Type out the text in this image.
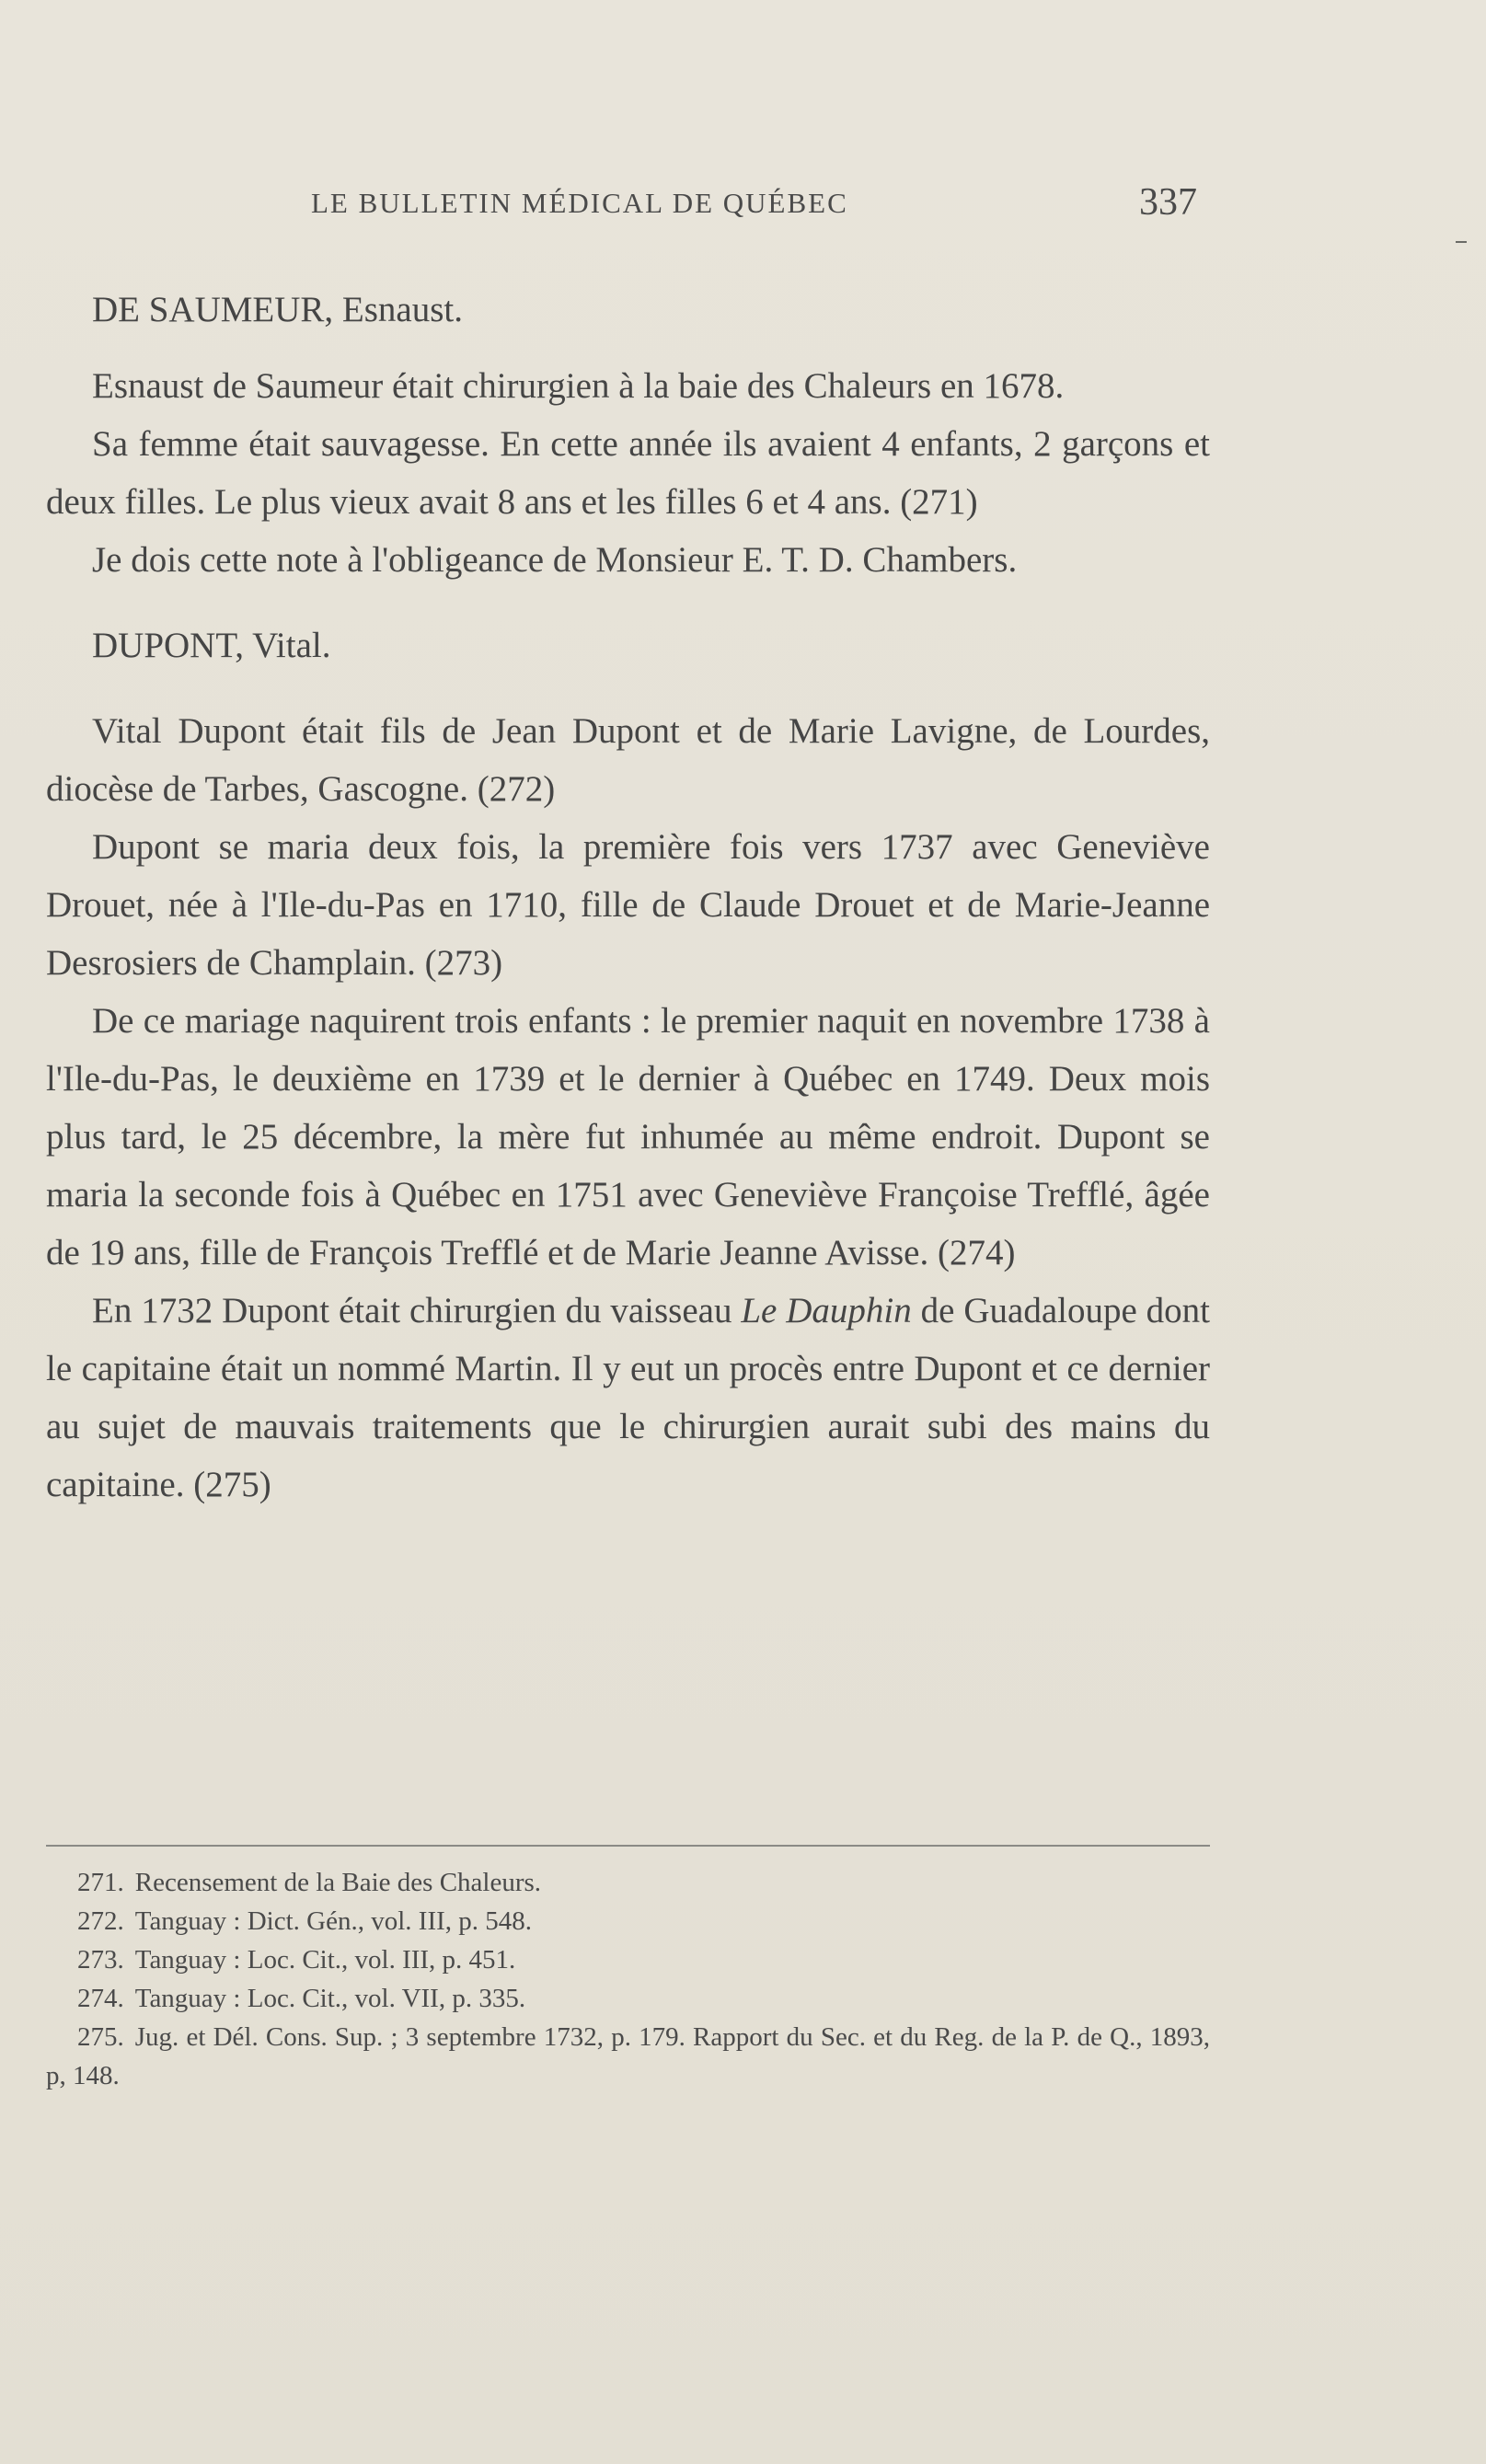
LE BULLETIN MÉDICAL DE QUÉBEC	337

DE SAUMEUR, Esnaust.

Esnaust de Saumeur était chirurgien à la baie des Chaleurs en 1678.

Sa femme était sauvagesse. En cette année ils avaient 4 enfants, 2 garçons et deux filles. Le plus vieux avait 8 ans et les filles 6 et 4 ans. (271)

Je dois cette note à l'obligeance de Monsieur E. T. D. Chambers.

DUPONT, Vital.

Vital Dupont était fils de Jean Dupont et de Marie Lavigne, de Lourdes, diocèse de Tarbes, Gascogne. (272)

Dupont se maria deux fois, la première fois vers 1737 avec Geneviève Drouet, née à l'Ile-du-Pas en 1710, fille de Claude Drouet et de Marie-Jeanne Desrosiers de Champlain. (273)

De ce mariage naquirent trois enfants : le premier naquit en novembre 1738 à l'Ile-du-Pas, le deuxième en 1739 et le dernier à Québec en 1749. Deux mois plus tard, le 25 décembre, la mère fut inhumée au même endroit. Dupont se maria la seconde fois à Québec en 1751 avec Geneviève Françoise Trefflé, âgée de 19 ans, fille de François Trefflé et de Marie Jeanne Avisse. (274)

En 1732 Dupont était chirurgien du vaisseau Le Dauphin de Guadaloupe dont le capitaine était un nommé Martin. Il y eut un procès entre Dupont et ce dernier au sujet de mauvais traitements que le chirurgien aurait subi des mains du capitaine. (275)

271. Recensement de la Baie des Chaleurs.

272. Tanguay : Dict. Gén., vol. III, p. 548.

273. Tanguay : Loc. Cit., vol. III, p. 451.

274. Tanguay : Loc. Cit., vol. VII, p. 335.

275. Jug. et Dél. Cons. Sup. ; 3 septembre 1732, p. 179. Rapport du Sec. et du Reg. de la P. de Q., 1893, p, 148.
